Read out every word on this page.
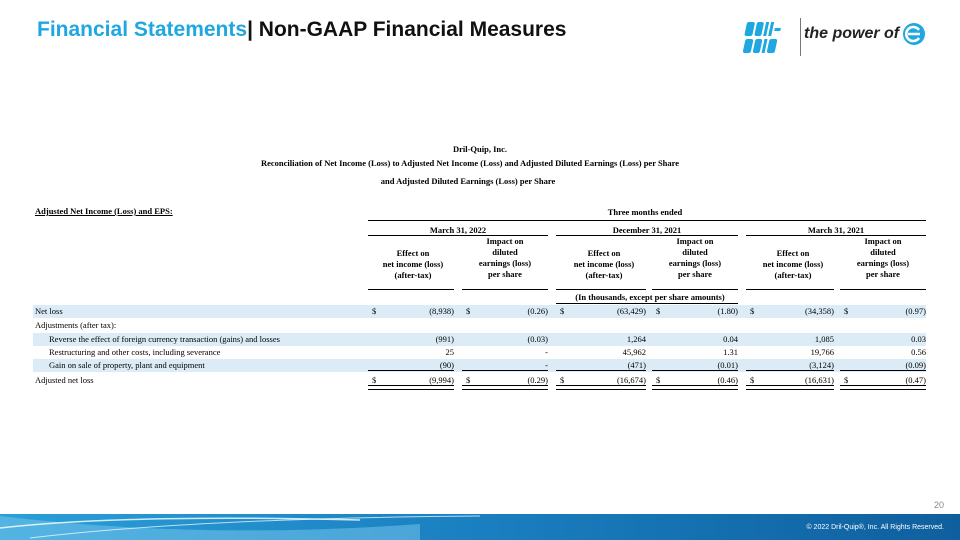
Financial Statements| Non-GAAP Financial Measures	the power of
Dril-Quip, Inc.
Reconciliation of Net Income (Loss) to Adjusted Net Income (Loss) and Adjusted Diluted Earnings (Loss) per Share
and Adjusted Diluted Earnings (Loss) per Share
Adjusted Net Income (Loss) and EPS:	Three months ended
March 31, 2022	December 31, 2021	March 31, 2021
Effect on
net income (loss)
(after-tax)
Impact on
diluted
earnings (loss)
per share
Effect on
net income (loss)
(after-tax)
Impact on
diluted
earnings (loss)
per share
Effect on
net income (loss)
(after-tax)
Impact on
diluted
earnings (loss)
per share
(In thousands, except per share amounts)
Net loss	$	(8,938) $	(0.26) $	(63,429) $	(1.80) $	(34,358) $	(0.97)
Adjustments (after tax):
Reverse the effect of foreign currency transaction (gains) and losses	(991)	(0.03)	1,264	0.04	1,085	0.03
Restructuring and other costs, including severance	25	-	45,962	1.31	19,766	0.56
Gain on sale of property, plant and equipment	(90)	-	(471)	(0.01)	(3,124)	(0.09)
Adjusted net loss	$	(9,994) $	(0.29) $	(16,674) $	(0.46) $	(16,631) $	(0.47)
20
© 2022 Dril-Quip®, Inc. All Rights Reserved.
